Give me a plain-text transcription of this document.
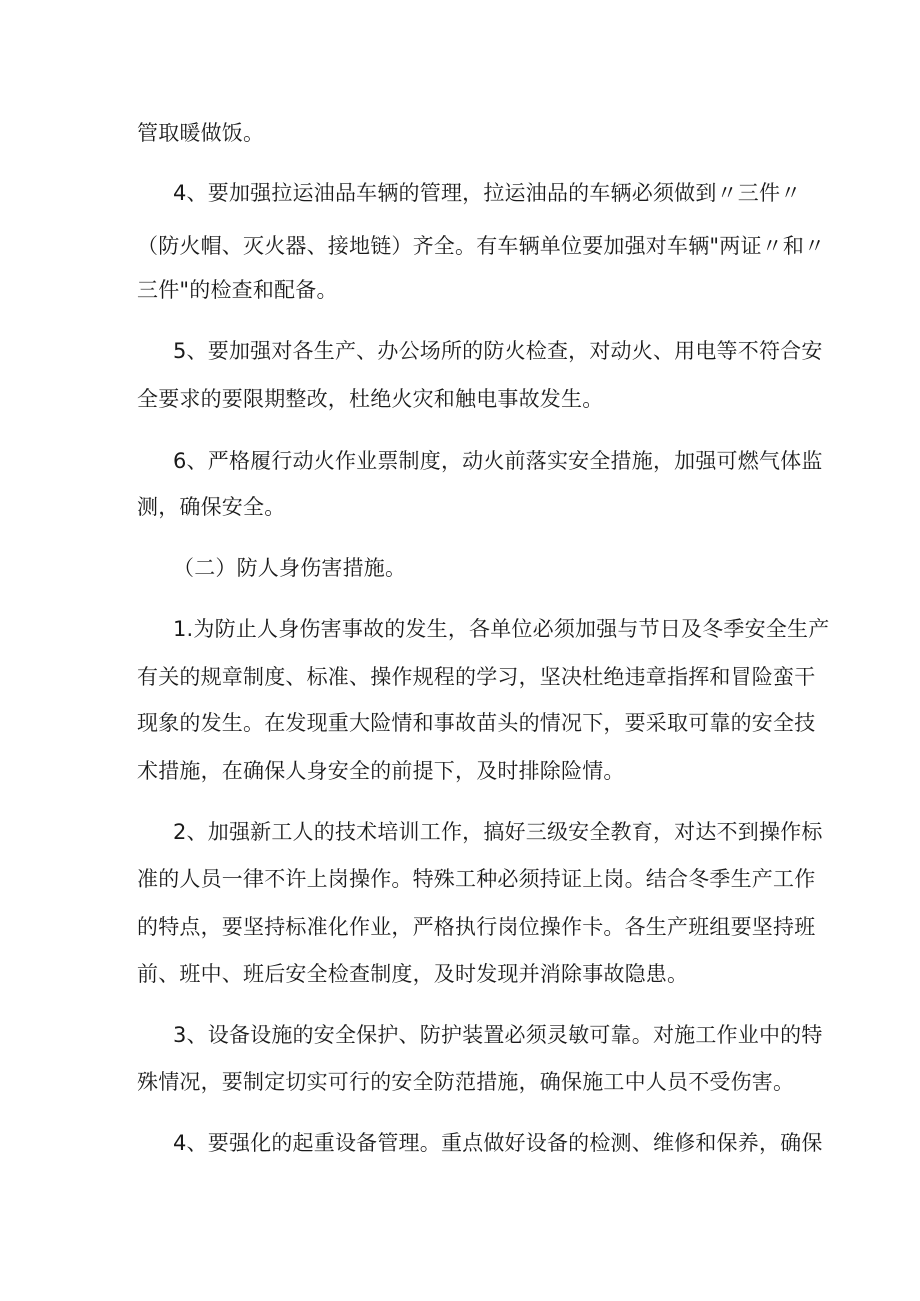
管取暖做饭。
4、要加强拉运油品车辆的管理，拉运油品的车辆必须做到〃三件〃
（防火帽、灭火器、接地链）齐全。有车辆单位要加强对车辆"两证〃和〃
三件"的检查和配备。
5、要加强对各生产、办公场所的防火检查，对动火、用电等不符合安
全要求的要限期整改，杜绝火灾和触电事故发生。
6、严格履行动火作业票制度，动火前落实安全措施，加强可燃气体监
测，确保安全。
（二）防人身伤害措施。
1.为防止人身伤害事故的发生，各单位必须加强与节日及冬季安全生产
有关的规章制度、标准、操作规程的学习，坚决杜绝违章指挥和冒险蛮干
现象的发生。在发现重大险情和事故苗头的情况下，要采取可靠的安全技
术措施，在确保人身安全的前提下，及时排除险情。
2、加强新工人的技术培训工作，搞好三级安全教育，对达不到操作标
准的人员一律不许上岗操作。特殊工种必须持证上岗。结合冬季生产工作
的特点，要坚持标准化作业，严格执行岗位操作卡。各生产班组要坚持班
前、班中、班后安全检查制度，及时发现并消除事故隐患。
3、设备设施的安全保护、防护装置必须灵敏可靠。对施工作业中的特
殊情况，要制定切实可行的安全防范措施，确保施工中人员不受伤害。
4、要强化的起重设备管理。重点做好设备的检测、维修和保养，确保
